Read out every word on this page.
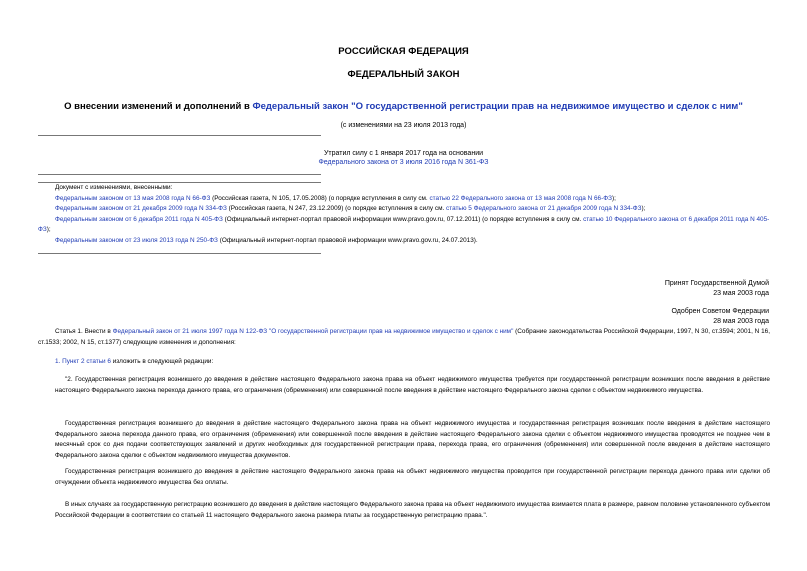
РОССИЙСКАЯ ФЕДЕРАЦИЯ
ФЕДЕРАЛЬНЫЙ ЗАКОН
О внесении изменений и дополнений в Федеральный закон "О государственной регистрации прав на недвижимое имущество и сделок с ним"
(с изменениями на 23 июля 2013 года)
Утратил силу с 1 января 2017 года на основании
Федерального закона от 3 июля 2016 года N 361-ФЗ
Документ с изменениями, внесенными:
Федеральным законом от 13 мая 2008 года N 66-ФЗ (Российская газета, N 105, 17.05.2008) (о порядке вступления в силу см. статью 22 Федерального закона от 13 мая 2008 года N 66-ФЗ);
Федеральным законом от 21 декабря 2009 года N 334-ФЗ (Российская газета, N 247, 23.12.2009) (о порядке вступления в силу см. статью 5 Федерального закона от 21 декабря 2009 года N 334-ФЗ);
Федеральным законом от 6 декабря 2011 года N 405-ФЗ (Официальный интернет-портал правовой информации www.pravo.gov.ru, 07.12.2011) (о порядке вступления в силу см. статью 10 Федерального закона от 6 декабря 2011 года N 405-ФЗ);
Федеральным законом от 23 июля 2013 года N 250-ФЗ (Официальный интернет-портал правовой информации www.pravo.gov.ru, 24.07.2013).
Принят Государственной Думой
23 мая 2003 года
Одобрен Советом Федерации
28 мая 2003 года
Статья 1. Внести в Федеральный закон от 21 июля 1997 года N 122-ФЗ "О государственной регистрации прав на недвижимое имущество и сделок с ним" (Собрание законодательства Российской Федерации, 1997, N 30, ст.3594; 2001, N 16, ст.1533; 2002, N 15, ст.1377) следующие изменения и дополнения:
1. Пункт 2 статьи 6 изложить в следующей редакции:
"2. Государственная регистрация возникшего до введения в действие настоящего Федерального закона права на объект недвижимого имущества требуется при государственной регистрации возникших после введения в действие настоящего Федерального закона перехода данного права, его ограничения (обременения) или совершенной после введения в действие настоящего Федерального закона сделки с объектом недвижимого имущества.
Государственная регистрация возникшего до введения в действие настоящего Федерального закона права на объект недвижимого имущества и государственная регистрация возникших после введения в действие настоящего Федерального закона перехода данного права, его ограничения (обременения) или совершенной после введения в действие настоящего Федерального закона сделки с объектом недвижимого имущества проводятся не позднее чем в месячный срок со дня подачи соответствующих заявлений и других необходимых для государственной регистрации права, перехода права, его ограничения (обременения) или совершенной после введения в действие настоящего Федерального закона сделки с объектом недвижимого имущества документов.
Государственная регистрация возникшего до введения в действие настоящего Федерального закона права на объект недвижимого имущества проводится при государственной регистрации перехода данного права или сделки об отчуждении объекта недвижимого имущества без оплаты.
В иных случаях за государственную регистрацию возникшего до введения в действие настоящего Федерального закона права на объект недвижимого имущества взимается плата в размере, равном половине установленного субъектом Российской Федерации в соответствии со статьей 11 настоящего Федерального закона размера платы за государственную регистрацию права.".
